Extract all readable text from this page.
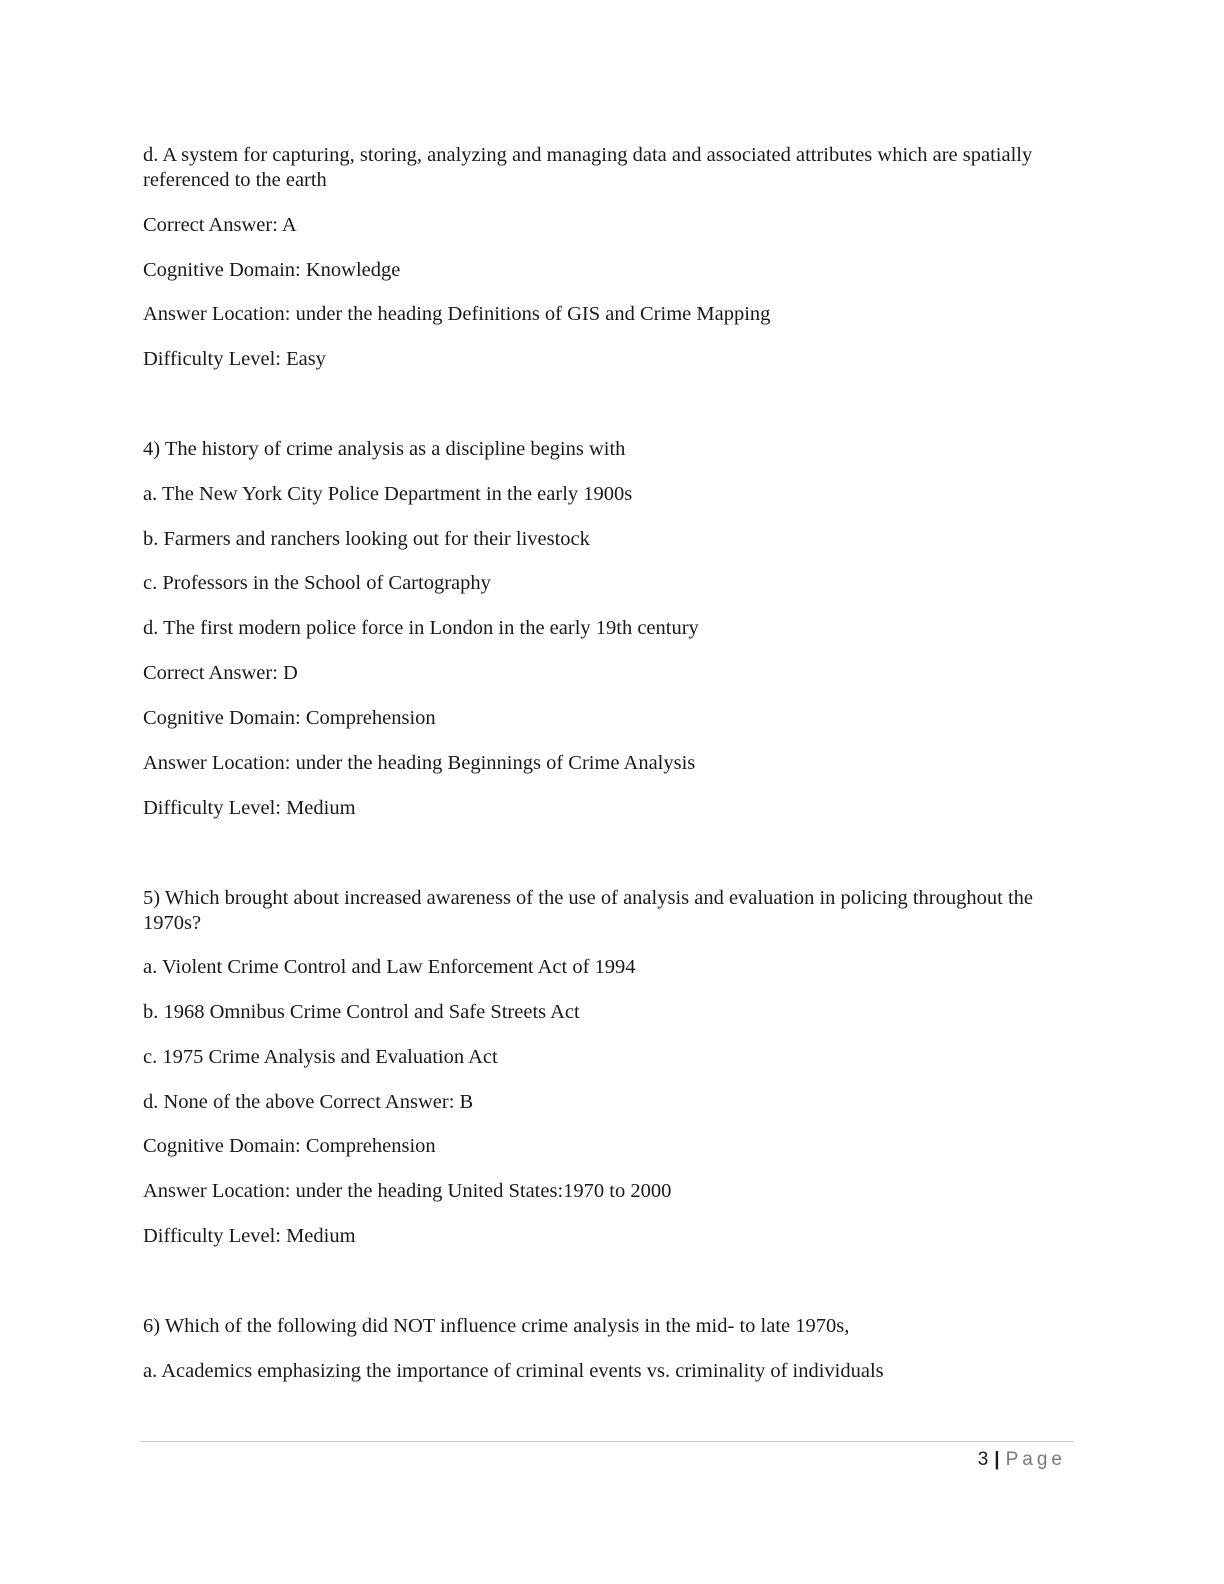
d. A system for capturing, storing, analyzing and managing data and associated attributes which are spatially referenced to the earth
Correct Answer: A
Cognitive Domain: Knowledge
Answer Location: under the heading Definitions of GIS and Crime Mapping
Difficulty Level: Easy
4) The history of crime analysis as a discipline begins with
a. The New York City Police Department in the early 1900s
b. Farmers and ranchers looking out for their livestock
c. Professors in the School of Cartography
d. The first modern police force in London in the early 19th century
Correct Answer: D
Cognitive Domain: Comprehension
Answer Location: under the heading Beginnings of Crime Analysis
Difficulty Level: Medium
5) Which brought about increased awareness of the use of analysis and evaluation in policing throughout the 1970s?
a. Violent Crime Control and Law Enforcement Act of 1994
b. 1968 Omnibus Crime Control and Safe Streets Act
c. 1975 Crime Analysis and Evaluation Act
d. None of the above Correct Answer: B
Cognitive Domain: Comprehension
Answer Location: under the heading United States:1970 to 2000
Difficulty Level: Medium
6) Which of the following did NOT influence crime analysis in the mid- to late 1970s,
a. Academics emphasizing the importance of criminal events vs. criminality of individuals
3 | Page
